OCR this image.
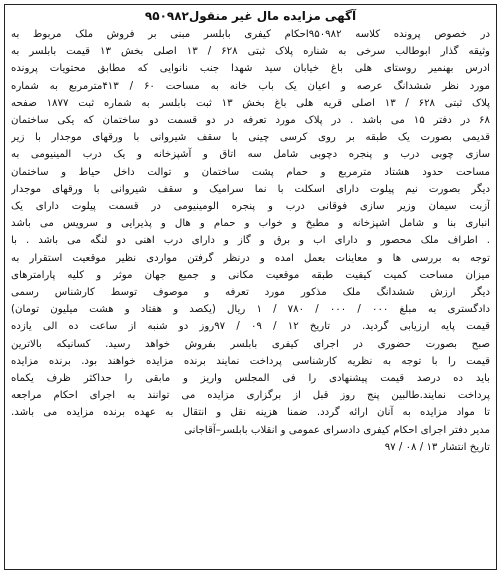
آگهی مزایده مال غیر منقول۹۵۰۹۸۲
در خصوص پرونده کلاسه ۹۵۰۹۸۲احکام کیفری بابلسر مبنی بر فروش ملک مربوط به
وثیقه گذار ابوطالب سرخی به شناره پلاک ثبتی ۶۲۸ / ۱۳ اصلی بخش ۱۳ قیمت بابلسر به
ادرس بهنمیر روستای هلی باغ خیابان سید شهدا جنب نانوایی که مطابق محتویات پرونده
مورد نظر ششدانگ عرصه و اعیان یک باب خانه به مساحت ۶۰ / ۴۱۳مترمربع به شماره
پلاک ثبتی ۶۲۸ / ۱۳ اصلی قریه هلی باغ بخش ۱۳ ثبت بابلسر به شماره ثبت ۱۸۷۷ صفحه
۶۸ در دفتر ۱۵ می باشد . در پلاک مورد تعرفه در دو قسمت دو ساختمان که یکی ساختمان
قدیمی بصورت یک طبقه بر روی کرسی چینی با سقف شیروانی با ورقهای موجدار با زیر
سازی چوبی درب و پنجره دچوبی شامل سه اتاق و آشپزخانه و یک درب المینیومی به
مساحت حدود هشتاد مترمربع و حمام پشت ساختمان و توالت داخل حیاط و ساختمان
دیگر بصورت نیم پیلوت دارای اسکلت با نما سرامیک و سقف شیروانی با ورقهای موجدار
آزبت سیمان وزیر سازی فوقانی درب و پنجره الومینیومی در قسمت پیلوت دارای یک
انباری بنا و شامل اشپزخانه و مطبخ و خواب و حمام و هال و پذیرایی و سرویس می باشد
. اطراف ملک محصور و دارای اب و برق و گاز و دارای درب اهنی دو لنگه می باشد . با
توجه به بررسی ها و معاینات بعمل امده و درنظر گرفتن مواردی نظیر موقعیت استقرار به
میزان مساحت کمیت کیفیت طبقه موقعیت مکانی و جمیع جهان موثر و کلیه پارامترهای
دیگر ارزش ششدانگ ملک مذکور مورد تعرفه و موصوف توسط کارشناس رسمی
دادگستری به مبلغ ۰۰۰ / ۰۰۰ / ۷۸۰ / ۱ ریال (یکصد و هفتاد و هشت میلیون تومان)
قیمت پایه ارزیابی گردید. در تاریخ ۱۲ / ۰۹ / ۹۷روز دو شنبه از ساعت ده الی یازده
صبح بصورت حضوری در اجرای کیفری بابلسر بفروش خواهد رسید. کسانیکه بالاترین
قیمت را با توجه به نظریه کارشناسی پرداخت نمایند برنده مزایده خواهند بود. برنده مزایده
باید ده درصد قیمت پیشنهادی را فی المجلس واریز و مابقی را حداکثر ظرف یکماه
پرداخت نمایند.طالبین پنج روز قبل از برگزاری مزایده می توانند به اجرای احکام مراجعه
تا مواد مزایده به آنان ارائه گردد. ضمنا هزینه نقل و انتقال به عهده برنده مزایده می باشد.
مدیر دفتر اجرای احکام کیفری دادسرای عمومی و انقلاب بابلسر–آقاجانی
تاریخ انتشار ۱۳ / ۰۸ / ۹۷
